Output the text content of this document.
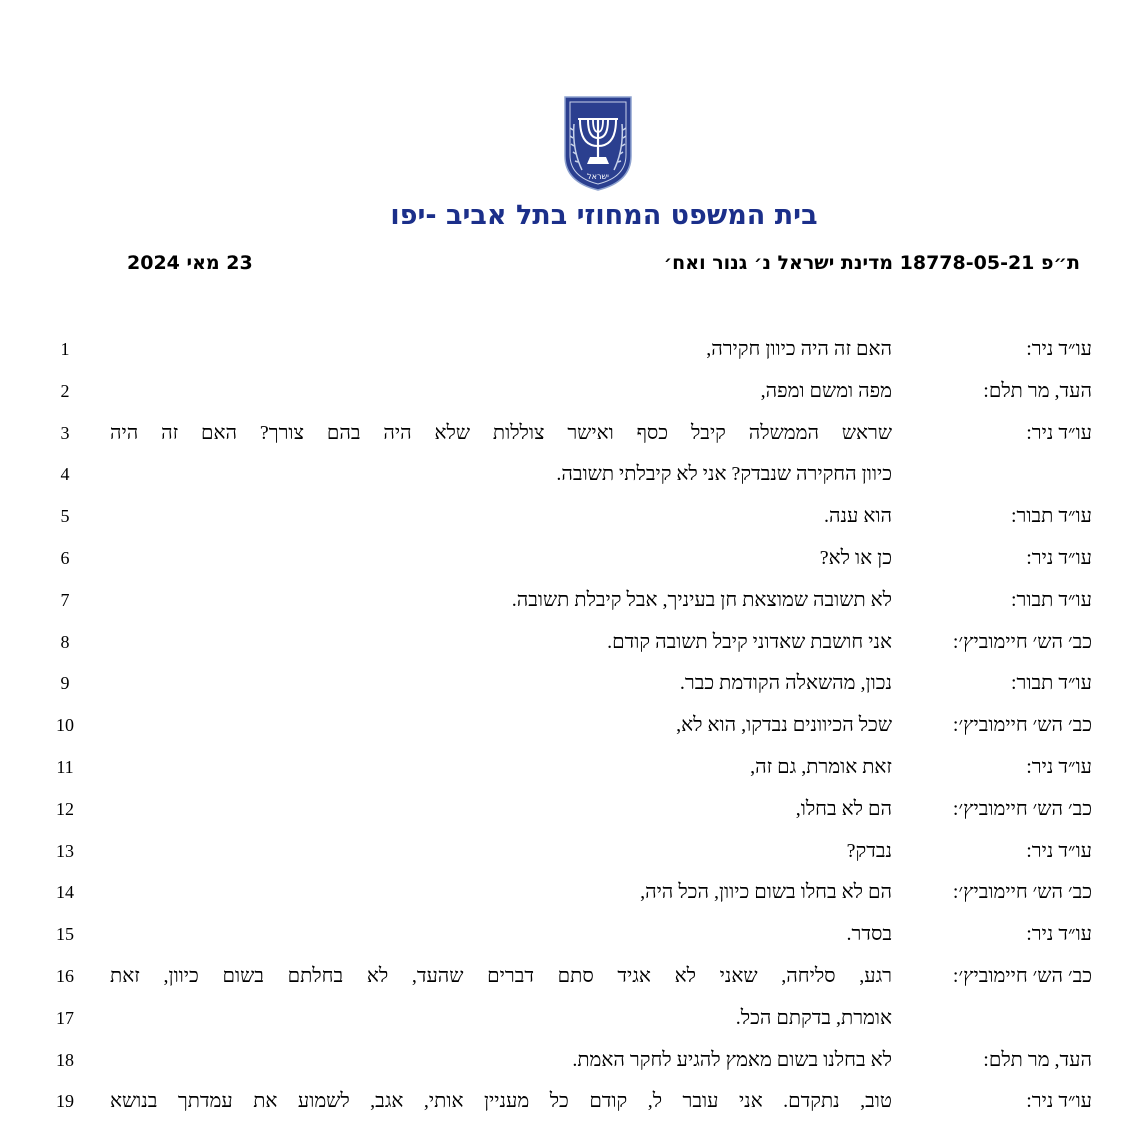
ישראל
בית המשפט המחוזי בתל אביב -יפו
ת״פ 18778-05-21 מדינת ישראל נ׳ גנור ואח׳
23 מאי 2024
1	עו״ד ניר:
האם זה היה כיוון חקירה,
2	העד, מר תלם:
מפה ומשם ומפה,
3	עו״ד ניר:
שראש הממשלה קיבל כסף ואישר צוללות שלא היה בהם צורך? האם זה היה
4	כיוון החקירה שנבדק? אני לא קיבלתי תשובה.
5	עו״ד תבור:
הוא ענה.
6	עו״ד ניר:
כן או לא?
7	עו״ד תבור:
לא תשובה שמוצאת חן בעיניך, אבל קיבלת תשובה.
8	כב׳ הש׳ חיימוביץ׳:
אני חושבת שאדוני קיבל תשובה קודם.
9	עו״ד תבור:
נכון, מהשאלה הקודמת כבר.
10	כב׳ הש׳ חיימוביץ׳:
שכל הכיוונים נבדקו, הוא לא,
11	עו״ד ניר:
זאת אומרת, גם זה,
12	כב׳ הש׳ חיימוביץ׳:
הם לא בחלו,
13	עו״ד ניר:
נבדק?
14	כב׳ הש׳ חיימוביץ׳:
הם לא בחלו בשום כיוון, הכל היה,
15	עו״ד ניר:
בסדר.
16	כב׳ הש׳ חיימוביץ׳:
רגע, סליחה, שאני לא אגיד סתם דברים שהעד, לא בחלתם בשום כיוון, זאת
17	אומרת, בדקתם הכל.
18	העד, מר תלם:
לא בחלנו בשום מאמץ להגיע לחקר האמת.
19	עו״ד ניר:
טוב, נתקדם. אני עובר ל, קודם כל מעניין אותי, אגב, לשמוע את עמדתך בנושא
